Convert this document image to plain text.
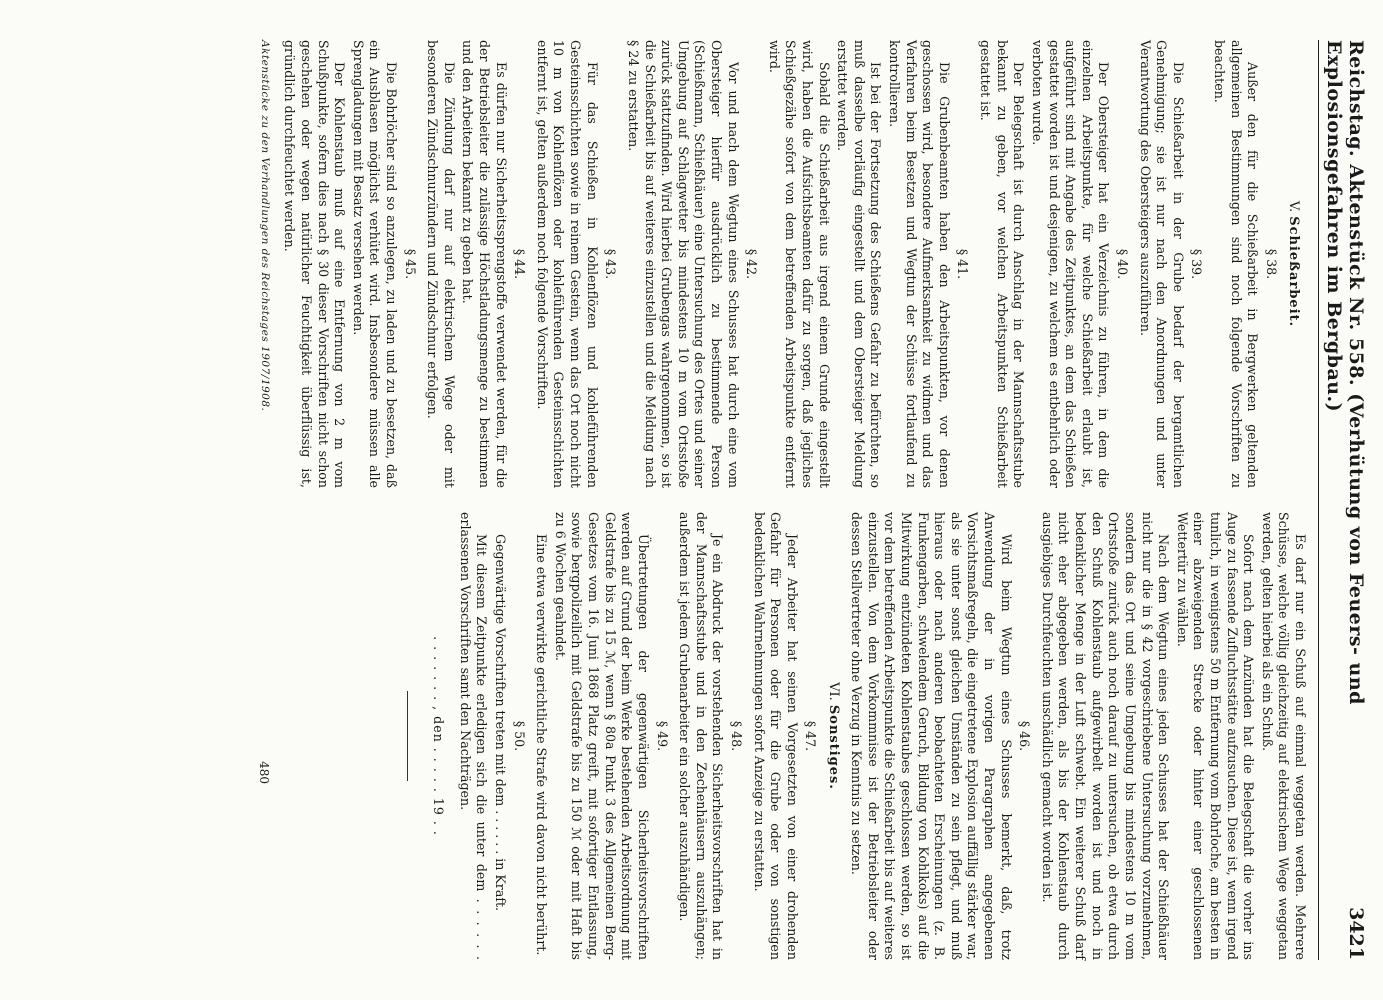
Reichstag. Aktenstück Nr. 558. (Verhütung von Feuers- und Explosionsgefahren im Bergbau.)
3421
V. Schießarbeit.
§ 38.

Außer den für die Schießarbeit in Bergwerken geltenden allgemeinen Bestimmungen sind noch folgende Vorschriften zu beachten.

§ 39.

Die Schießarbeit in der Grube bedarf der bergamtlichen Genehmigung; sie ist nur nach den Anordnungen und unter Verantwortung des Obersteigers auszuführen.

§ 40.

Der Obersteiger hat ein Verzeichnis zu führen, in dem die einzelnen Arbeitspunkte, für welche Schießarbeit erlaubt ist, aufgeführt sind mit Angabe des Zeitpunktes, an dem das Schießen gestattet worden ist und desjenigen, zu welchem es entbehrlich oder verboten wurde.

Der Belegschaft ist durch Anschlag in der Mannschaftsstube bekannt zu geben, vor welchen Arbeitspunkten Schießarbeit gestattet ist.

§ 41.

Die Grubenbeamten haben den Arbeitspunkten, vor denen geschossen wird, besondere Aufmerksamkeit zu widmen und das Verfahren beim Besetzen und Wegtun der Schüsse fortlaufend zu kontrollieren.

Ist bei der Fortsetzung des Schießens Gefahr zu befürchten, so muß dasselbe vorläufig eingestellt und dem Obersteiger Meldung erstattet werden.

Sobald die Schießarbeit aus irgend einem Grunde eingestellt wird, haben die Aufsichtsbeamten dafür zu sorgen, daß jegliches Schießgezähe sofort von dem betreffenden Arbeitspunkte entfernt wird.

§ 42.

Vor und nach dem Wegtun eines Schusses hat durch eine vom Obersteiger hierfür ausdrücklich zu bestimmende Person (Schießmann, Schießhäuer) eine Untersuchung des Ortes und seiner Umgebung auf Schlagwetter bis mindestens 10 m vom Ortsstoße zurück stattzufinden. Wird hierbei Grubengas wahrgenommen, so ist die Schießarbeit bis auf weiteres einzustellen und die Meldung nach § 24 zu erstatten.

§ 43.

Für das Schießen in Kohlenflözen und kohleführenden Gesteinsschichten sowie in reinem Gestein, wenn das Ort noch nicht 10 m von Kohlenflözen oder kohleführenden Gesteinsschichten entfernt ist, gelten außerdem noch folgende Vorschriften.

§ 44.

Es dürfen nur Sicherheitssprengstoffe verwendet werden, für die der Betriebsleiter die zulässige Höchstladungsmenge zu bestimmen und den Arbeitern bekannt zu geben hat.

Die Zündung darf nur auf elektrischem Wege oder mit besonderen Zündschnurzündern und Zündschnur erfolgen.

§ 45.

Die Bohrlöcher sind so anzulegen, zu laden und zu besetzen, daß ein Ausblasen möglichst verhütet wird. Insbesondere müssen alle Sprengladungen mit Besatz versehen werden.

Der Kohlenstaub muß auf eine Entfernung von 2 m vom Schußpunkte, sofern dies nach § 30 dieser Vorschriften nicht schon geschehen oder wegen natürlicher Feuchtigkeit überflüssig ist, gründlich durchfeuchtet werden.

Aktenstücke zu den Verhandlungen des Reichstages 1907/1908.

Es darf nur ein Schuß auf einmal weggetan werden. Mehrere Schüsse, welche völlig gleichzeitig auf elektrischem Wege weggetan werden, gelten hierbei als ein Schuß.

Sofort nach dem Anzünden hat die Belegschaft die vorher ins Auge zu fassende Zufluchtsstätte aufzusuchen. Diese ist, wenn irgend tunlich, in wenigstens 50 m Entfernung vom Bohrloche, am besten in einer abzweigenden Strecke oder hinter einer geschlossenen Wettertür zu wählen.

Nach dem Wegtun eines jeden Schusses hat der Schießhäuer nicht nur die in § 42 vorgeschriebene Untersuchung vorzunehmen, sondern das Ort und seine Umgebung bis mindestens 10 m vom Ortsstoße zurück auch noch darauf zu untersuchen, ob etwa durch den Schuß Kohlenstaub aufgewirbelt worden ist und noch in bedenklicher Menge in der Luft schwebt. Ein weiterer Schuß darf nicht eher abgegeben werden, als bis der Kohlenstaub durch ausgiebiges Durchfeuchten unschädlich gemacht worden ist.

§ 46.

Wird beim Wegtun eines Schusses bemerkt, daß, trotz Anwendung der in vorigen Paragraphen angegebenen Vorsichtsmaßregeln, die eingetretene Explosion auffällig stärker war, als sie unter sonst gleichen Umständen zu sein pflegt, und muß hieraus oder nach anderen beobachteten Erscheinungen (z. B. Funkengarben, schwelendem Geruch, Bildung von Kohlkoks) auf die Mitwirkung entzündeten Kohlenstaubes geschlossen werden, so ist vor dem betreffenden Arbeitspunkte die Schießarbeit bis auf weiteres einzustellen. Von dem Vorkommnisse ist der Betriebsleiter oder dessen Stellvertreter ohne Verzug in Kenntnis zu setzen.

VI. Sonstiges.
§ 47.

Jeder Arbeiter hat seinen Vorgesetzten von einer drohenden Gefahr für Personen oder für die Grube oder von sonstigen bedenklichen Wahrnehmungen sofort Anzeige zu erstatten.

§ 48.

Je ein Abdruck der vorstehenden Sicherheitsvorschriften hat in der Mannschaftsstube und in den Zechenhäusern auszuhängen; außerdem ist jedem Grubenarbeiter ein solcher auszuhändigen.

§ 49.

Übertretungen der gegenwärtigen Sicherheitsvorschriften werden auf Grund der beim Werke bestehenden Arbeitsordnung mit Geldstrafe bis zu 15 ℳ, wenn § 80a Punkt 3 des Allgemeinen Berg-Gesetzes vom 16. Juni 1868 Platz greift, mit sofortiger Entlassung, sowie bergpolizeilich mit Geldstrafe bis zu 150 ℳ oder mit Haft bis zu 6 Wochen geahndet.

Eine etwa verwirkte gerichtliche Strafe wird davon nicht berührt.

§ 50.

Gegenwärtige Vorschriften treten mit dem . . . . . . in Kraft.

Mit diesem Zeitpunkte erledigen sich die unter dem . . . . . . erlassenen Vorschriften samt den Nachträgen.

. . . . . . . , den . . . . . 19 . .
480
